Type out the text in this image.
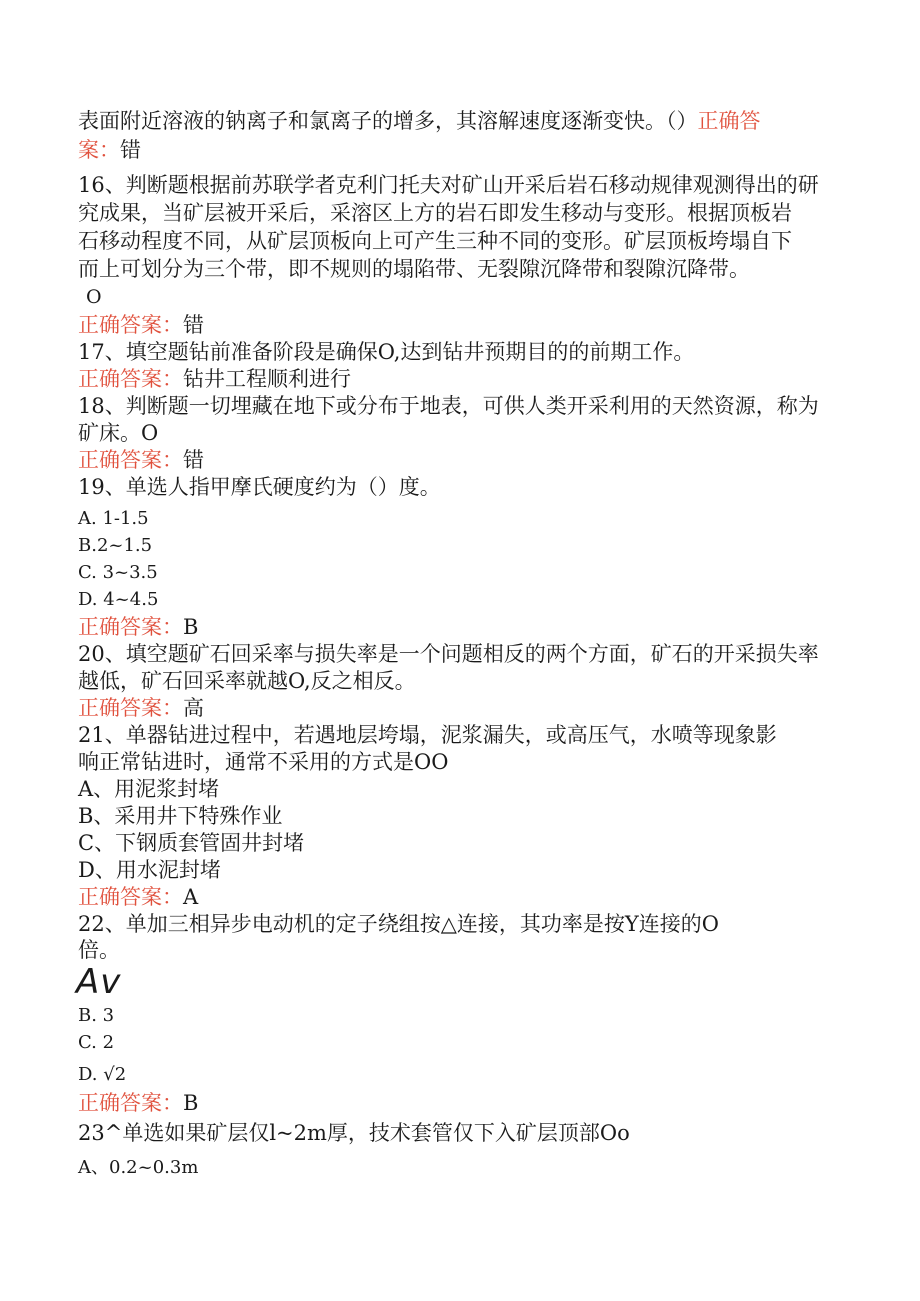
表面附近溶液的钠离子和氯离子的增多，其溶解速度逐渐变快。（）正确答
案：错
16、判断题根据前苏联学者克利门托夫对矿山开采后岩石移动规律观测得出的研
究成果，当矿层被开采后，采溶区上方的岩石即发生移动与变形。根据顶板岩
石移动程度不同，从矿层顶板向上可产生三种不同的变形。矿层顶板垮塌自下
而上可划分为三个带，即不规则的塌陷带、无裂隙沉降带和裂隙沉降带。
O
正确答案：错
17、填空题钻前准备阶段是确保O,达到钻井预期目的的前期工作。
正确答案：钻井工程顺利进行
18、判断题一切埋藏在地下或分布于地表，可供人类开采利用的天然资源，称为
矿床。O
正确答案：错
19、单选人指甲摩氏硬度约为（）度。
A. 1-1.5
B.2~1.5
C. 3~3.5
D. 4~4.5
正确答案：B
20、填空题矿石回采率与损失率是一个问题相反的两个方面，矿石的开采损失率
越低，矿石回采率就越O,反之相反。
正确答案：高
21、单器钻进过程中，若遇地层垮塌，泥浆漏失，或高压气，水喷等现象影
响正常钻进时，通常不采用的方式是OO
A、用泥浆封堵
B、采用井下特殊作业
C、下钢质套管固井封堵
D、用水泥封堵
正确答案：A
22、单加三相异步电动机的定子绕组按△连接，其功率是按Y连接的O
倍。
Av
B. 3
C. 2
D. √2
正确答案：B
23^单选如果矿层仅l~2m厚，技术套管仅下入矿层顶部Oo
A、0.2~0.3m
